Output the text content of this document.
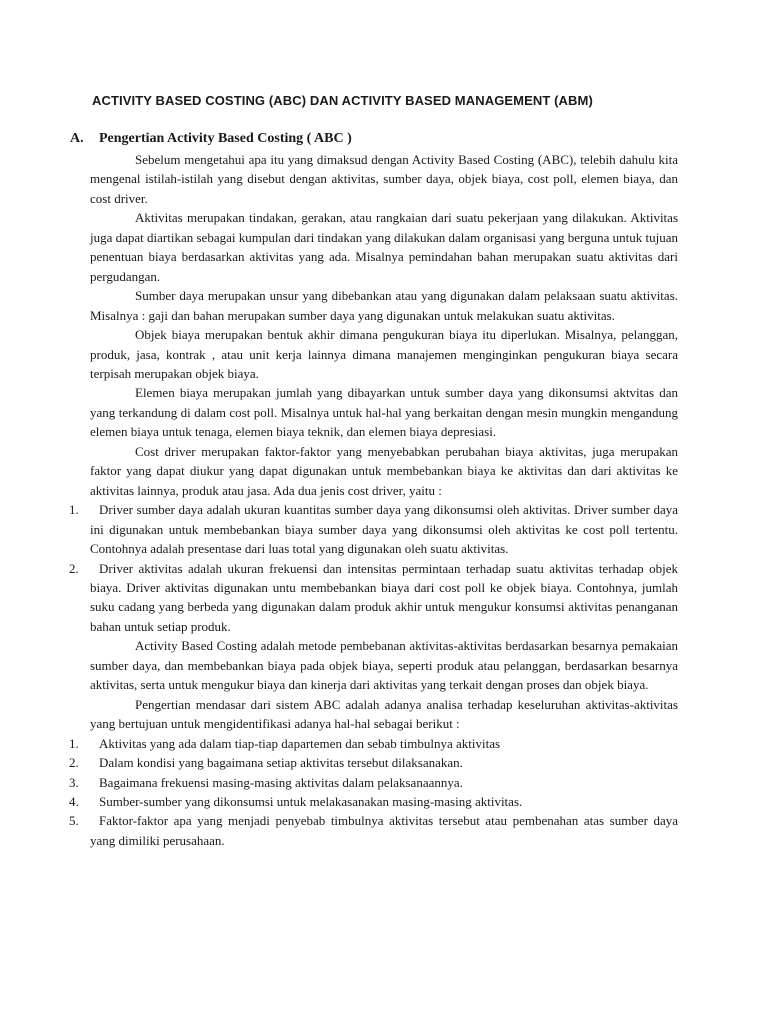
ACTIVITY BASED COSTING (ABC) DAN ACTIVITY BASED MANAGEMENT (ABM)
A. Pengertian Activity Based Costing ( ABC )

Sebelum mengetahui apa itu yang dimaksud dengan Activity Based Costing (ABC), telebih dahulu kita mengenal istilah-istilah yang disebut dengan aktivitas, sumber daya, objek biaya, cost poll, elemen biaya, dan cost driver.

Aktivitas merupakan tindakan, gerakan, atau rangkaian dari suatu pekerjaan yang dilakukan. Aktivitas juga dapat diartikan sebagai kumpulan dari tindakan yang dilakukan dalam organisasi yang berguna untuk tujuan penentuan biaya berdasarkan aktivitas yang ada. Misalnya pemindahan bahan merupakan suatu aktivitas dari pergudangan.

Sumber daya merupakan unsur yang dibebankan atau yang digunakan dalam pelaksaan suatu aktivitas. Misalnya : gaji dan bahan merupakan sumber daya yang digunakan untuk melakukan suatu aktivitas.

Objek biaya merupakan bentuk akhir dimana pengukuran biaya itu diperlukan. Misalnya, pelanggan, produk, jasa, kontrak , atau unit kerja lainnya dimana manajemen menginginkan pengukuran biaya secara terpisah merupakan objek biaya.

Elemen biaya merupakan jumlah yang dibayarkan untuk sumber daya yang dikonsumsi aktvitas dan yang terkandung di dalam cost poll. Misalnya untuk hal-hal yang berkaitan dengan mesin mungkin mengandung elemen biaya untuk tenaga, elemen biaya teknik, dan elemen biaya depresiasi.

Cost driver merupakan faktor-faktor yang menyebabkan perubahan biaya aktivitas, juga merupakan faktor yang dapat diukur yang dapat digunakan untuk membebankan biaya ke aktivitas dan dari aktivitas ke aktivitas lainnya, produk atau jasa. Ada dua jenis cost driver, yaitu :

1.	Driver sumber daya adalah ukuran kuantitas sumber daya yang dikonsumsi oleh aktivitas. Driver sumber daya ini digunakan untuk membebankan biaya sumber daya yang dikonsumsi oleh aktivitas ke cost poll tertentu. Contohnya adalah presentase dari luas total yang digunakan oleh suatu aktivitas.
2.	Driver aktivitas adalah ukuran frekuensi dan intensitas permintaan terhadap suatu aktivitas terhadap objek biaya. Driver aktivitas digunakan untu membebankan biaya dari cost poll ke objek biaya. Contohnya, jumlah suku cadang yang berbeda yang digunakan dalam produk akhir untuk mengukur konsumsi aktivitas penanganan bahan untuk setiap produk.

Activity Based Costing adalah metode pembebanan aktivitas-aktivitas berdasarkan besarnya pemakaian sumber daya, dan membebankan biaya pada objek biaya, seperti produk atau pelanggan, berdasarkan besarnya aktivitas, serta untuk mengukur biaya dan kinerja dari aktivitas yang terkait dengan proses dan objek biaya.

Pengertian mendasar dari sistem ABC adalah adanya analisa terhadap keseluruhan aktivitas-aktivitas yang bertujuan untuk mengidentifikasi adanya hal-hal sebagai berikut :

1.	Aktivitas yang ada dalam tiap-tiap dapartemen dan sebab timbulnya aktivitas
2.	Dalam kondisi yang bagaimana setiap aktivitas tersebut dilaksanakan.
3.	Bagaimana frekuensi masing-masing aktivitas dalam pelaksanaannya.
4.	Sumber-sumber yang dikonsumsi untuk melakasanakan masing-masing aktivitas.
5.	Faktor-faktor apa yang menjadi penyebab timbulnya aktivitas tersebut atau pembenahan atas sumber daya yang dimiliki perusahaan.
